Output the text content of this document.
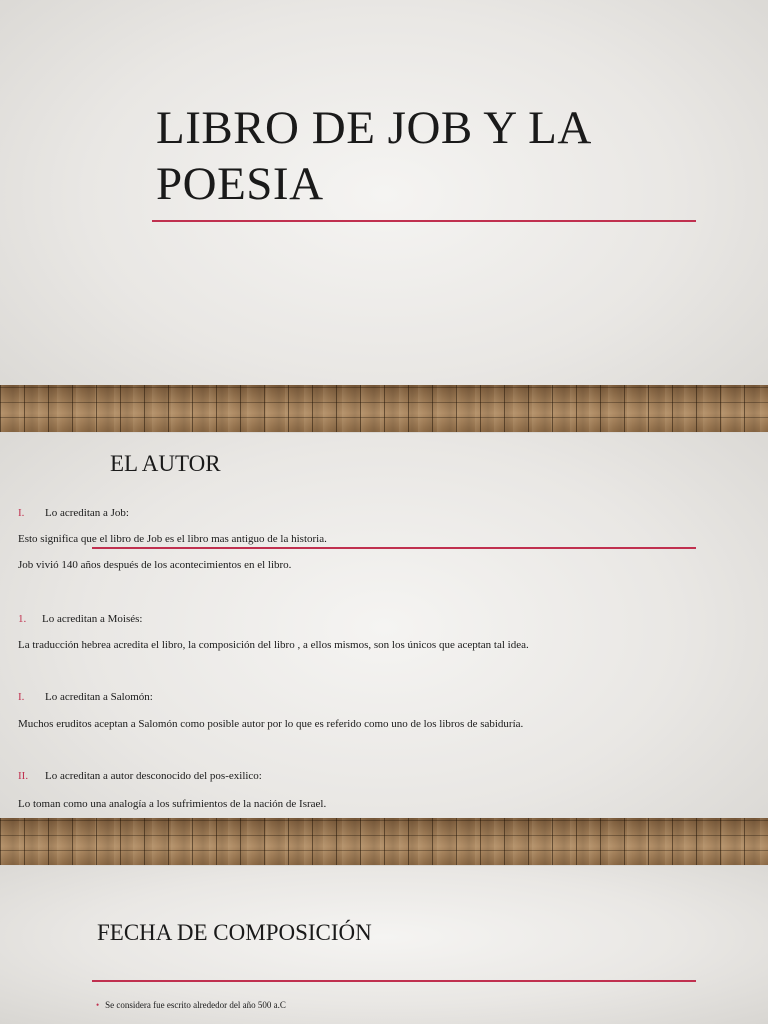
LIBRO DE JOB Y LA
POESIA
EL AUTOR
I. Lo acreditan a Job:
Esto significa que el libro de Job es el libro mas antiguo de la historia.
Job vivió 140 años después de los acontecimientos en el libro.
1. Lo acreditan a Moisés:
La traducción hebrea acredita el libro, la composición del libro , a ellos mismos, son los únicos que aceptan tal idea.
I. Lo acreditan a Salomón:
Muchos eruditos aceptan a Salomón como posible autor por lo que es referido como uno de los libros de sabiduría.
II. Lo acreditan a autor desconocido del pos-exilico:
Lo toman como una analogía a los sufrimientos de la nación de Israel.
FECHA DE COMPOSICIÓN
• Se considera fue escrito alrededor del año 500 a.C
